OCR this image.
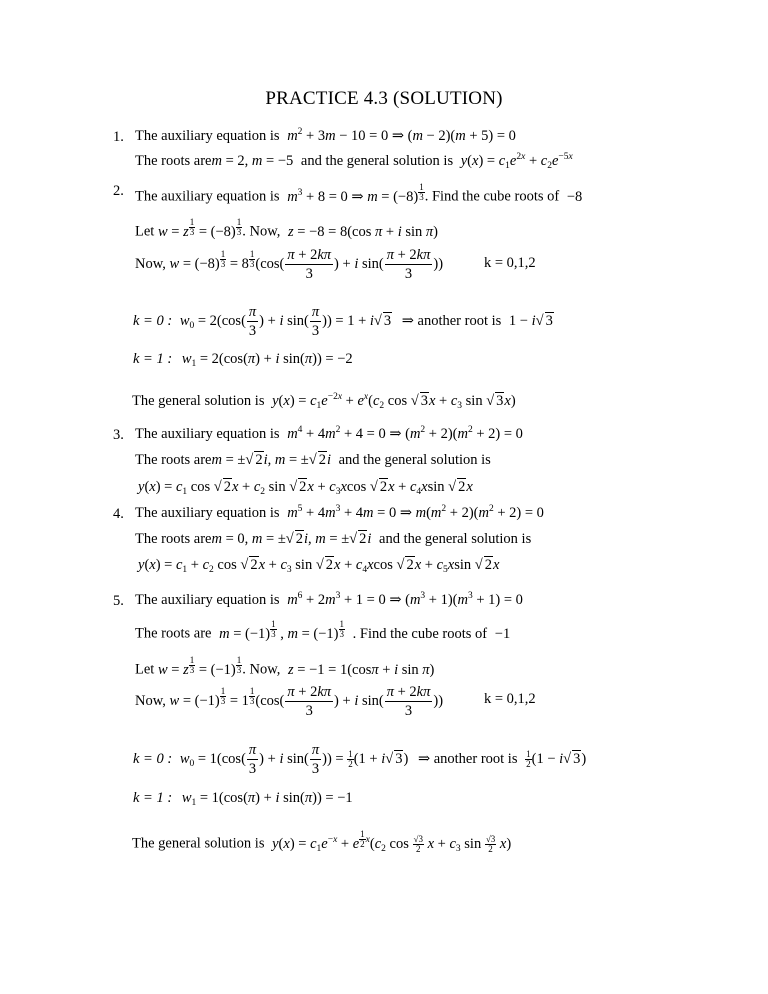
PRACTICE 4.3 (SOLUTION)
1. The auxiliary equation is $m^2 + 3m - 10 = 0$ ⇒ (m − 2)(m + 5) = 0
The roots arem = 2, m = −5 and the general solution is $y(x) = c_1e^{2x} + c_2e^{-5x}$
2. The auxiliary equation is $m^3 + 8 = 0$ ⇒ m = (−8) $^{\frac{1}{3}}$ . Find the cube roots of −8
Let w = z $^{\frac{1}{3}}$ = (−8) $^{\frac{1}{3}}$ . Now, z = −8 = 8(cos π + i sin π)
Now, w = (−8) $^{\frac{1}{3}}$ = 8 $^{\frac{1}{3}}$ ($\cos( \frac{\pi + 2k\pi}{3}$ ) + i $\sin( \frac{\pi + 2k\pi}{3}$ ))	k = 0,1,2
k = 0 : $w_0 = 2(\cos( \frac{\pi}{3}$ ) + i $\sin( \frac{\pi}{3}$ )) = 1 + i√ 3 ⇒ another root is 1 − i√ 3
k = 1 : $w_1 = 2(\cos(\pi) + i$ sin(π)) = −2
The general solution is $y(x) = c_1e^{-2x} + e^x(c_2$ cos √ $3x + c_3$ sin √ 3x)
3. The auxiliary equation is $m^4 + 4m^2 + 4 = 0$ ⇒ $(m^2 + 2)(m^2 + 2) = 0$
The roots arem = ±√ 2i, m = ±√ 2i and the general solution is
$y(x) = c_1$ cos √ $2x + c_2$ sin √ $2x + c_3xcos$ √ $2x + c_4xsin$ √ 2x
4. The auxiliary equation is $m^5 + 4m^3 + 4m = 0$ ⇒ $m(m^2 + 2)(m^2 + 2) = 0$
The roots arem = 0, m = ±√ 2i, m = ±√ 2i and the general solution is
$y(x) = c_1 + c_2$ cos √ $2x + c_3$ sin √ $2x + c_4xcos$ √ $2x + c_5xsin$ √ 2x
5. The auxiliary equation is $m^6 + 2m^3 + 1 = 0$ ⇒ $(m^3 + 1)(m^3 + 1) = 0$
The roots are m = (−1) $^{\frac{1}{3}}$ , m = (−1) $^{\frac{1}{3}}$ . Find the cube roots of −1
Let w = z $^{\frac{1}{3}}$ = (−1) $^{\frac{1}{3}}$ . Now, z = −1 = 1(cosπ + i sin π)
Now, w = (−1) $^{\frac{1}{3}}$ = 1 $^{\frac{1}{3}}$ ($\cos( \frac{\pi + 2k\pi}{3}$ ) + i $\sin( \frac{\pi + 2k\pi}{3}$ ))	k = 0,1,2
k = 0 : $w_0 = 1(\cos( \frac{\pi}{3}$ ) + i $\sin( \frac{\pi}{3}$ )) = $\frac{1}{2} (1 + i√$ 3) ⇒ another root is $\frac{1}{2} (1 - i√$ 3)
k = 1 : $w_1 = 1(\cos(\pi) + i$ sin(π)) = −1
The general solution is $y(x) = c_1e^{-x} + e$ $^{\frac{1}{2} x}(c_2$ $\cos \frac{√3}{2}$ $x + c_3$ $\sin \frac{√3}{2} x$)
